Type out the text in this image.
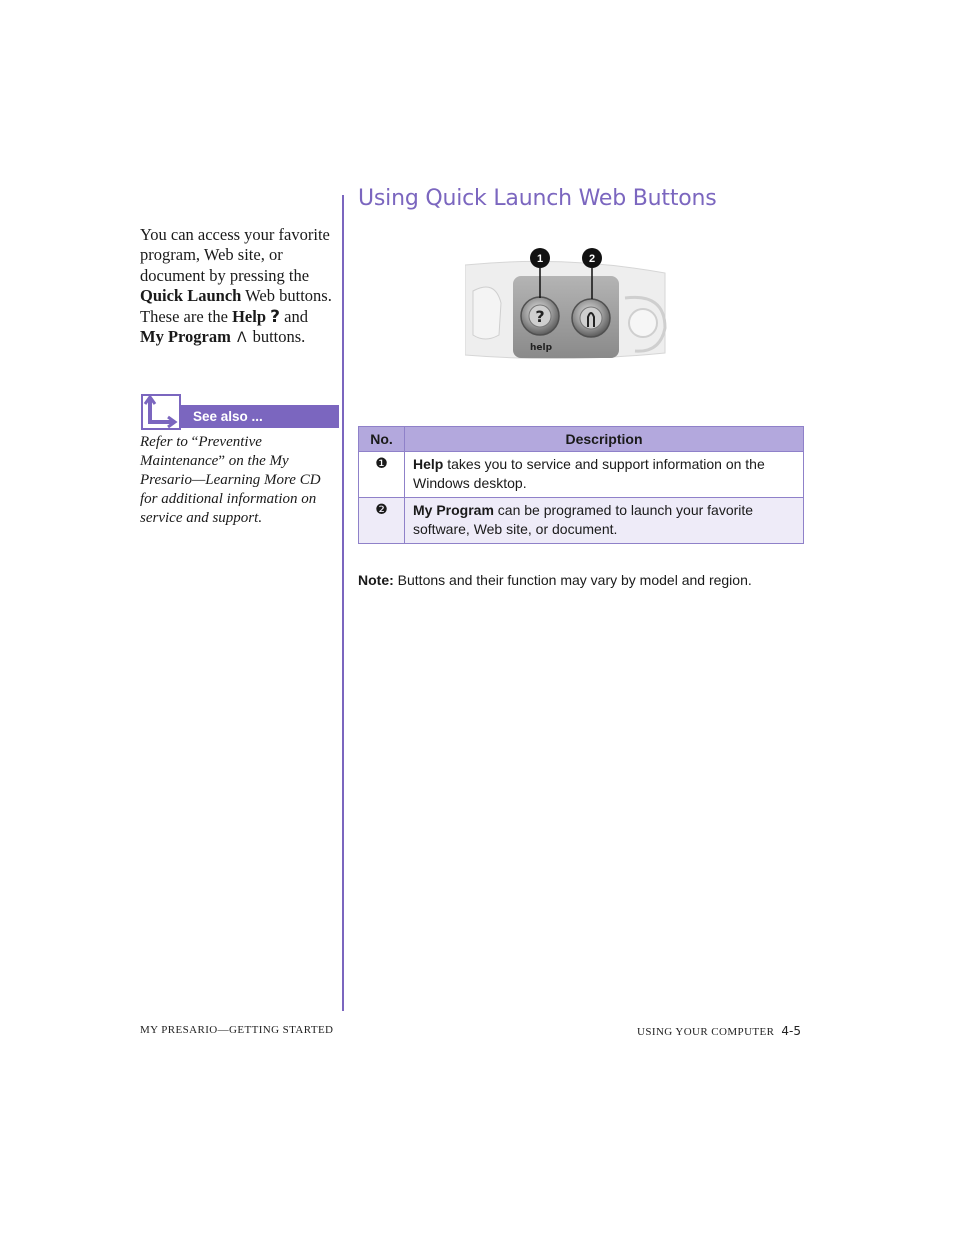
You can access your favorite program, Web site, or document by pressing the Quick Launch Web buttons. These are the Help ? and My Program Ʌ buttons.
See also ...
Refer to “Preventive Maintenance” on the My Presario—Learning More CD for additional information on service and support.
Using Quick Launch Web Buttons
?
help
1	2
No.	Description
❶	Help takes you to service and support information on the Windows desktop.
❷	My Program can be programed to launch your favorite software, Web site, or document.
Note: Buttons and their function may vary by model and region.
MY PRESARIO—GETTING STARTED	USING YOUR COMPUTER 4-5
